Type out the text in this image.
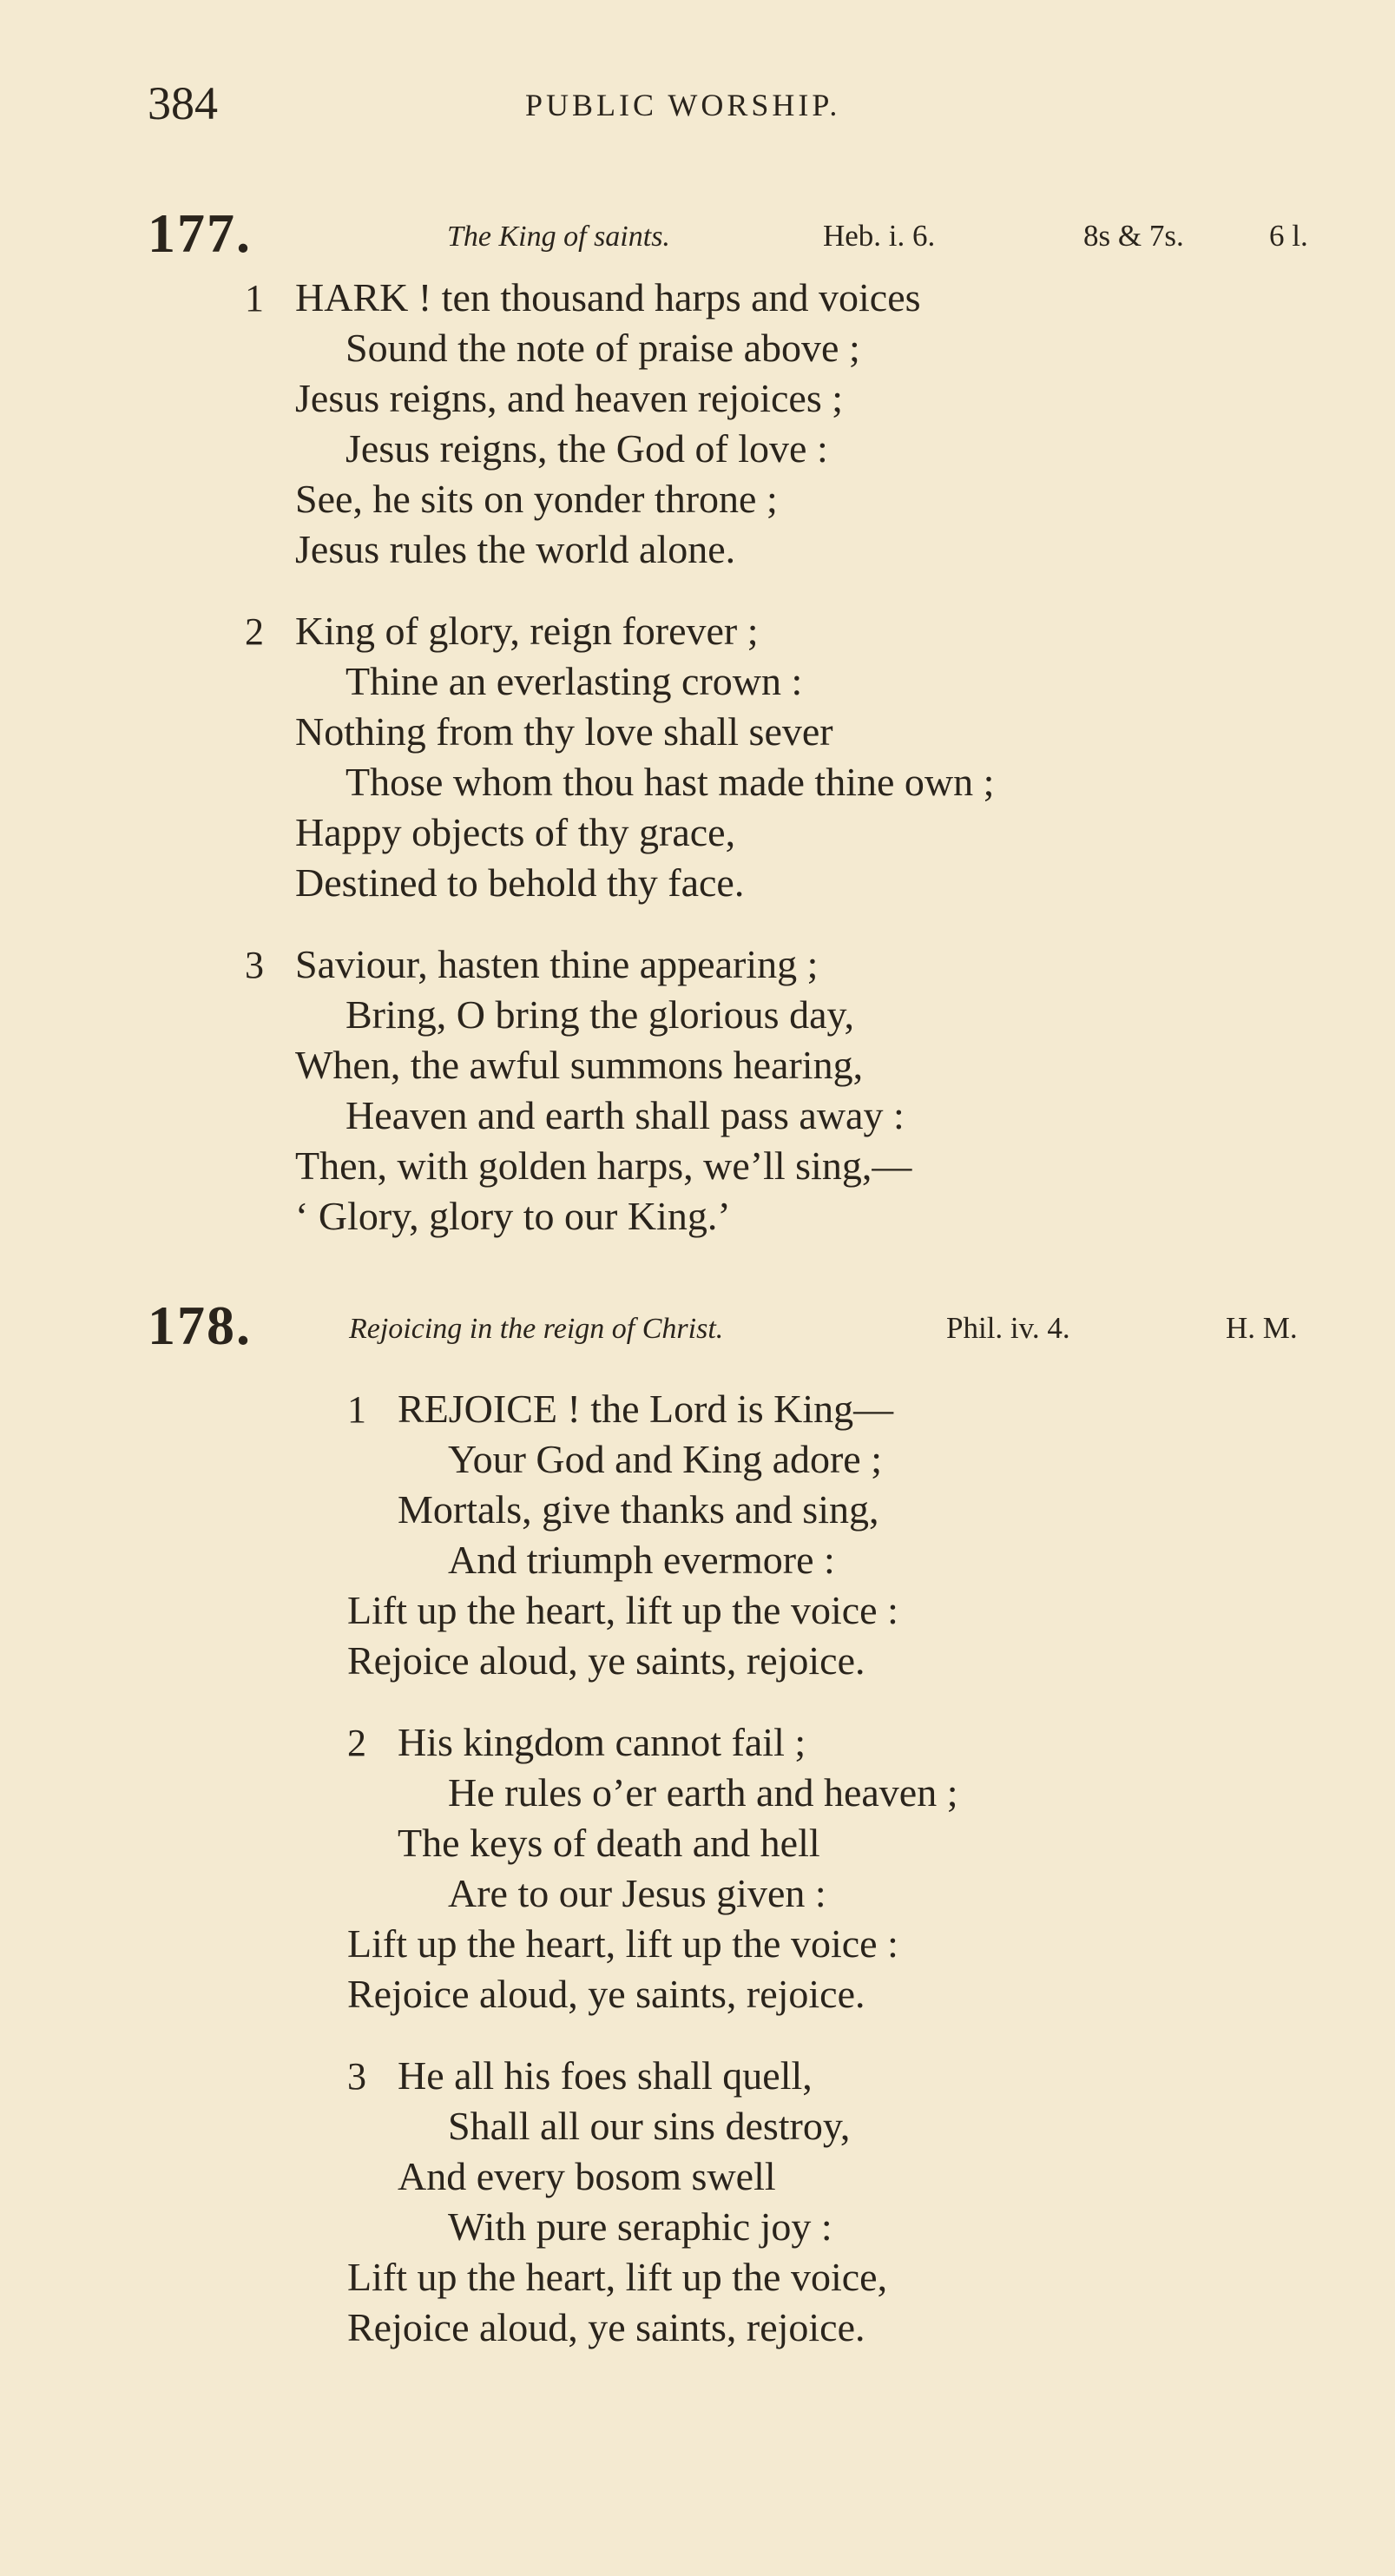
384	PUBLIC WORSHIP.
177.	The King of saints.	Heb. i. 6.	8s & 7s.	6 l.
1 HARK ! ten thousand harps and voices
Sound the note of praise above ;
Jesus reigns, and heaven rejoices ;
Jesus reigns, the God of love :
See, he sits on yonder throne ;
Jesus rules the world alone.
2 King of glory, reign forever ;
Thine an everlasting crown :
Nothing from thy love shall sever
Those whom thou hast made thine own ;
Happy objects of thy grace,
Destined to behold thy face.
3 Saviour, hasten thine appearing ;
Bring, O bring the glorious day,
When, the awful summons hearing,
Heaven and earth shall pass away :
Then, with golden harps, we’ll sing,—
‘ Glory, glory to our King.’
178.	Rejoicing in the reign of Christ.	Phil. iv. 4.	H. M.
1 REJOICE ! the Lord is King—
Your God and King adore ;
Mortals, give thanks and sing,
And triumph evermore :
Lift up the heart, lift up the voice :
Rejoice aloud, ye saints, rejoice.
2 His kingdom cannot fail ;
He rules o’er earth and heaven ;
The keys of death and hell
Are to our Jesus given :
Lift up the heart, lift up the voice :
Rejoice aloud, ye saints, rejoice.
3 He all his foes shall quell,
Shall all our sins destroy,
And every bosom swell
With pure seraphic joy :
Lift up the heart, lift up the voice,
Rejoice aloud, ye saints, rejoice.
